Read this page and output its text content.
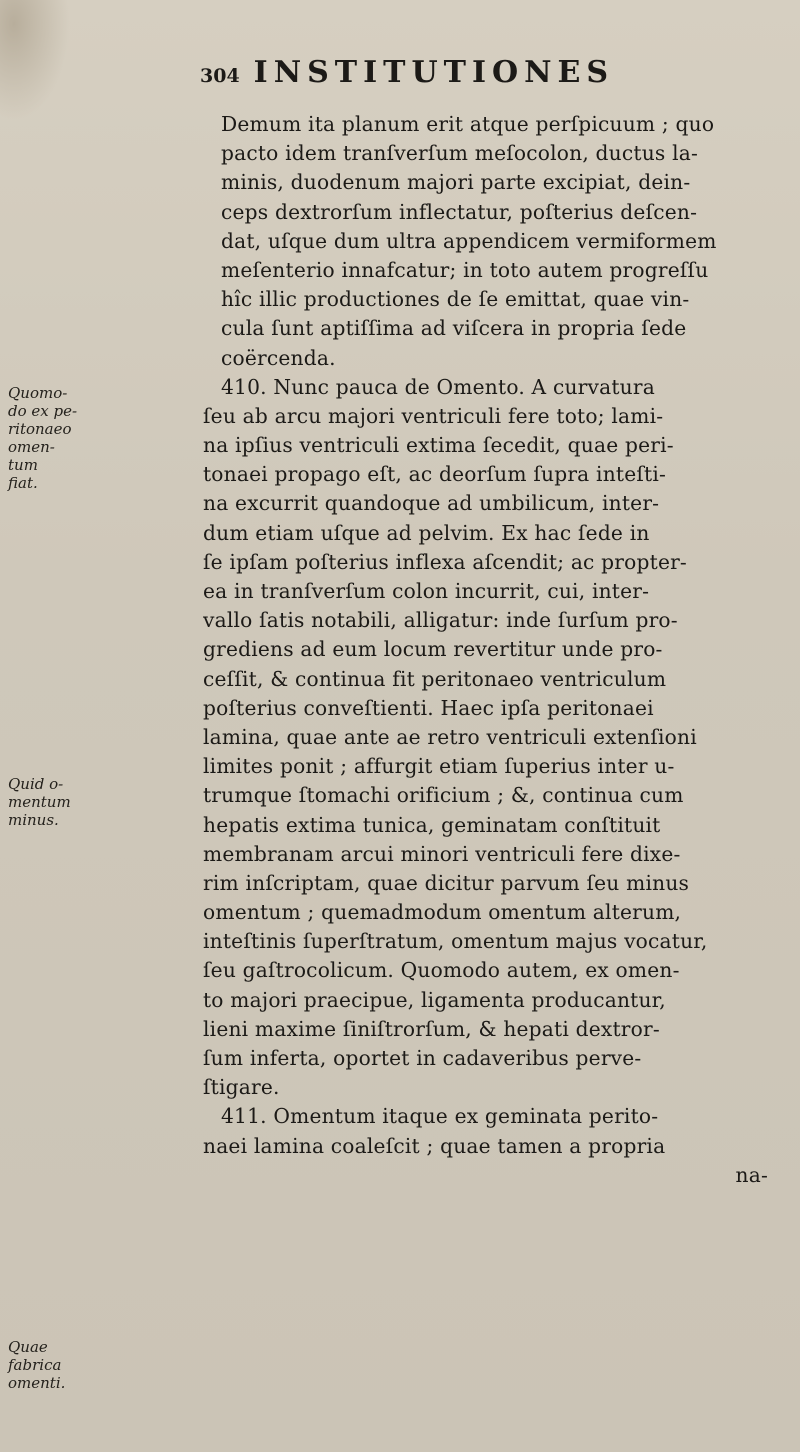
304 INSTITUTIONES
Demum ita planum erit atque perſpicuum ; quo
pacto idem tranſverſum meſocolon, ductus la-
minis, duodenum majori parte excipiat, dein-
ceps dextrorſum inflectatur, poſterius deſcen-
dat, uſque dum ultra appendicem vermiformem
meſenterio innafcatur; in toto autem progreſſu
hîc illic productiones de ſe emittat, quae vin-
cula ſunt aptiſſima ad viſcera in propria ſede
coërcenda.
410. Nunc pauca de Omento. A curvatura
ſeu ab arcu majori ventriculi fere toto; lami-
na ipſius ventriculi extima ſecedit, quae peri-
tonaei propago eſt, ac deorſum ſupra inteſti-
na excurrit quandoque ad umbilicum, inter-
dum etiam uſque ad pelvim. Ex hac ſede in
ſe ipſam poſterius inflexa aſcendit; ac propter-
ea in tranſverſum colon incurrit, cui, inter-
vallo ſatis notabili, alligatur: inde ſurſum pro-
grediens ad eum locum revertitur unde pro-
ceſſit, & continua fit peritonaeo ventriculum
poſterius conveſtienti. Haec ipſa peritonaei
lamina, quae ante ae retro ventriculi extenſioni
limites ponit ; affurgit etiam ſuperius inter u-
trumque ſtomachi orificium ; &, continua cum
hepatis extima tunica, geminatam conſtituit
membranam arcui minori ventriculi fere dixe-
rim inſcriptam, quae dicitur parvum ſeu minus
omentum ; quemadmodum omentum alterum,
inteſtinis ſuperſtratum, omentum majus vocatur,
ſeu gaſtrocolicum. Quomodo autem, ex omen-
to majori praecipue, ligamenta producantur,
lieni maxime ſiniſtrorſum, & hepati dextror-
ſum inferta, oportet in cadaveribus perve-
ſtigare.
411. Omentum itaque ex geminata perito-
naei lamina coaleſcit ; quae tamen a propria
na-
Quomo-
do ex pe-
ritonaeo
omen-
tum
fiat.
Quid o-
mentum
minus.
Quae
fabrica
omenti.
